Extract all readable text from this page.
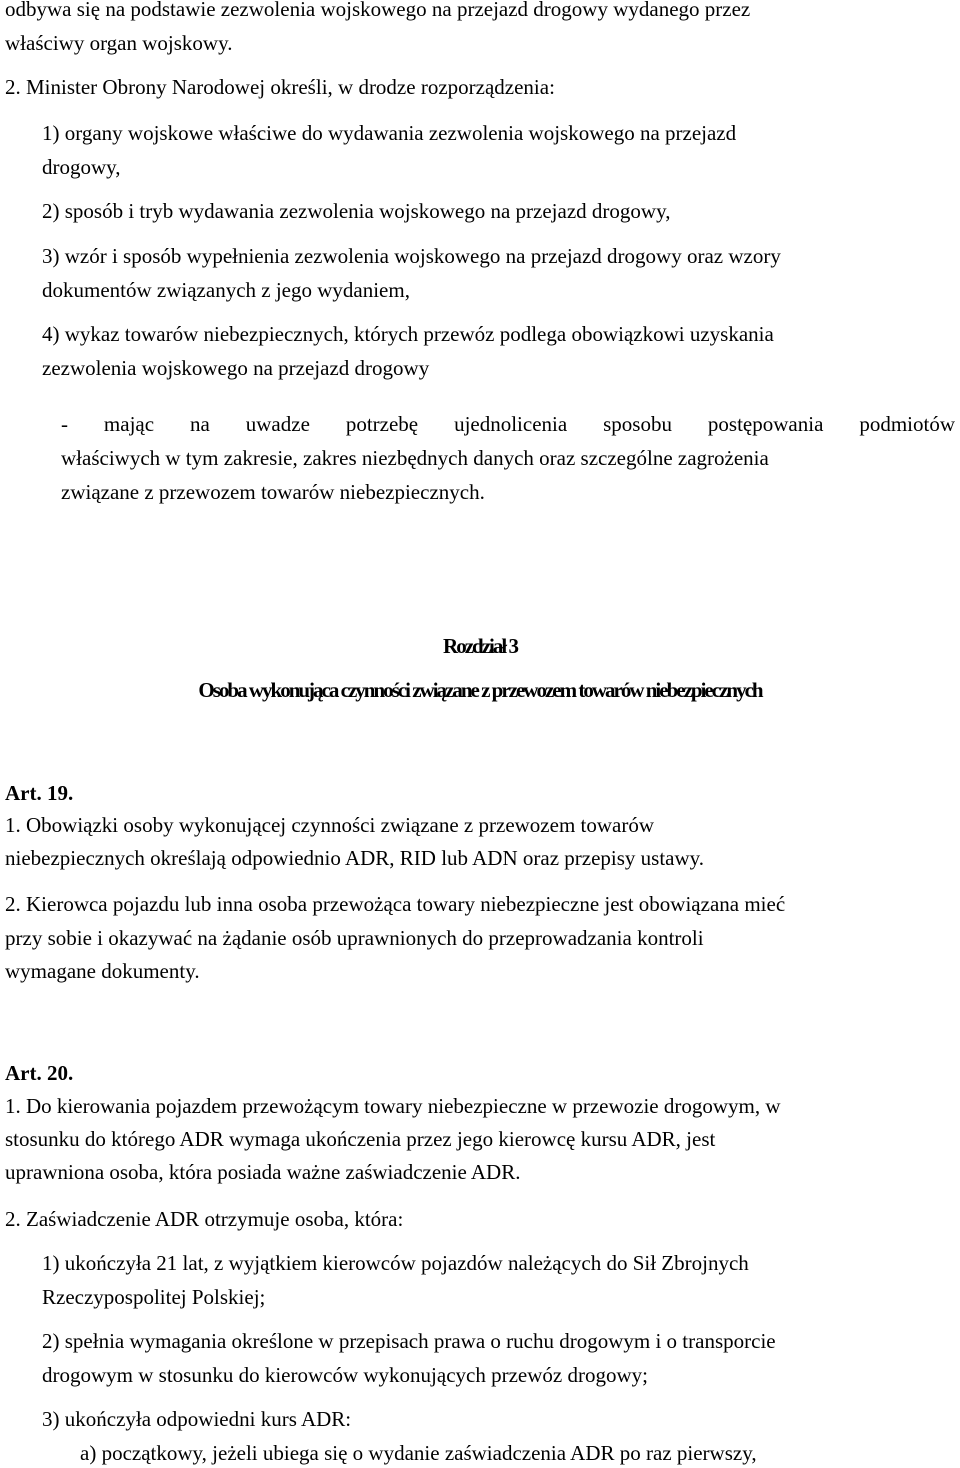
odbywa się na podstawie zezwolenia wojskowego na przejazd drogowy wydanego przez

właściwy organ wojskowy.

2. Minister Obrony Narodowej określi, w drodze rozporządzenia:

1) organy wojskowe właściwe do wydawania zezwolenia wojskowego na przejazd

drogowy,

2) sposób i tryb wydawania zezwolenia wojskowego na przejazd drogowy,

3) wzór i sposób wypełnienia zezwolenia wojskowego na przejazd drogowy oraz wzory

dokumentów związanych z jego wydaniem,

4) wykaz towarów niebezpiecznych, których przewóz podlega obowiązkowi uzyskania

zezwolenia wojskowego na przejazd drogowy

- mając na uwadze potrzebę ujednolicenia sposobu postępowania podmiotów

właściwych w tym zakresie, zakres niezbędnych danych oraz szczególne zagrożenia

związane z przewozem towarów niebezpiecznych.

Rozdział 3

Osoba wykonująca czynności związane z przewozem towarów niebezpiecznych

Art. 19.

1. Obowiązki osoby wykonującej czynności związane z przewozem towarów

niebezpiecznych określają odpowiednio ADR, RID lub ADN oraz przepisy ustawy.

2. Kierowca pojazdu lub inna osoba przewożąca towary niebezpieczne jest obowiązana mieć

przy sobie i okazywać na żądanie osób uprawnionych do przeprowadzania kontroli

wymagane dokumenty.

Art. 20.

1. Do kierowania pojazdem przewożącym towary niebezpieczne w przewozie drogowym, w

stosunku do którego ADR wymaga ukończenia przez jego kierowcę kursu ADR, jest

uprawniona osoba, która posiada ważne zaświadczenie ADR.

2. Zaświadczenie ADR otrzymuje osoba, która:

1) ukończyła 21 lat, z wyjątkiem kierowców pojazdów należących do Sił Zbrojnych

Rzeczypospolitej Polskiej;

2) spełnia wymagania określone w przepisach prawa o ruchu drogowym i o transporcie

drogowym w stosunku do kierowców wykonujących przewóz drogowy;

3) ukończyła odpowiedni kurs ADR:

a) początkowy, jeżeli ubiega się o wydanie zaświadczenia ADR po raz pierwszy,
